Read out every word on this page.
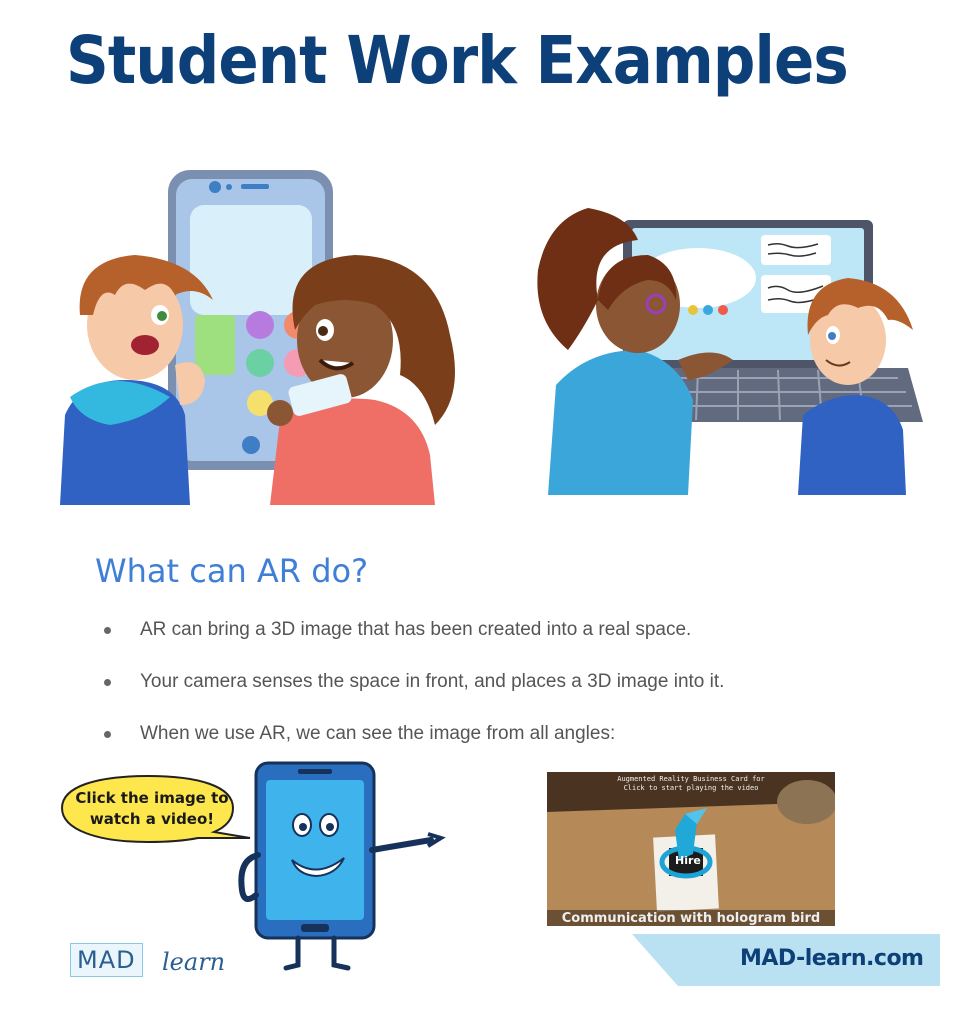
Student Work Examples
What can AR do?
AR can bring a 3D image that has been created into a real space.
Your camera senses the space in front, and places a 3D image into it.
When we use AR, we can see the image from all angles:
Click the image to
watch a video!
Augmented Reality Business Card for
Click to start playing the video
Hire
Communication with hologram bird
MAD-learn.com
MAD learn
